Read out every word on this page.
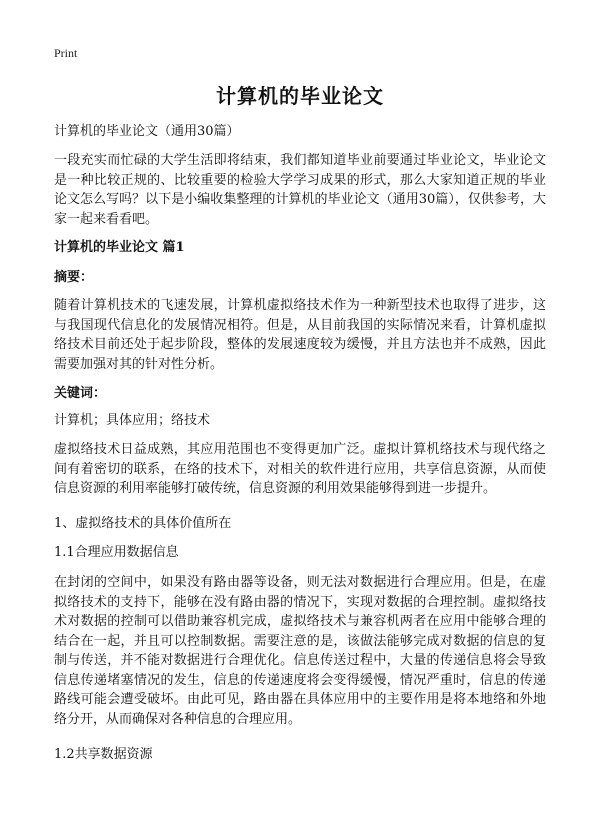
Print
计算机的毕业论文

计算机的毕业论文（通用30篇）

一段充实而忙碌的大学生活即将结束，我们都知道毕业前要通过毕业论文，毕业论文是一种比较正规的、比较重要的检验大学学习成果的形式，那么大家知道正规的毕业论文怎么写吗？以下是小编收集整理的计算机的毕业论文（通用30篇），仅供参考，大家一起来看看吧。

计算机的毕业论文 篇1

摘要：

随着计算机技术的飞速发展，计算机虚拟络技术作为一种新型技术也取得了进步，这与我国现代信息化的发展情况相符。但是，从目前我国的实际情况来看，计算机虚拟络技术目前还处于起步阶段，整体的发展速度较为缓慢，并且方法也并不成熟，因此需要加强对其的针对性分析。

关键词：

计算机；具体应用；络技术

虚拟络技术日益成熟，其应用范围也不变得更加广泛。虚拟计算机络技术与现代络之间有着密切的联系，在络的技术下，对相关的软件进行应用，共享信息资源，从而使信息资源的利用率能够打破传统，信息资源的利用效果能够得到进一步提升。

1、虚拟络技术的具体价值所在

1.1合理应用数据信息

在封闭的空间中，如果没有路由器等设备，则无法对数据进行合理应用。但是，在虚拟络技术的支持下，能够在没有路由器的情况下，实现对数据的合理控制。虚拟络技术对数据的控制可以借助兼容机完成，虚拟络技术与兼容机两者在应用中能够合理的结合在一起，并且可以控制数据。需要注意的是，该做法能够完成对数据的信息的复制与传送，并不能对数据进行合理优化。信息传送过程中，大量的传递信息将会导致信息传递堵塞情况的发生，信息的传递速度将会变得缓慢，情况严重时，信息的传递路线可能会遭受破坏。由此可见，路由器在具体应用中的主要作用是将本地络和外地络分开，从而确保对各种信息的合理应用。

1.2共享数据资源
